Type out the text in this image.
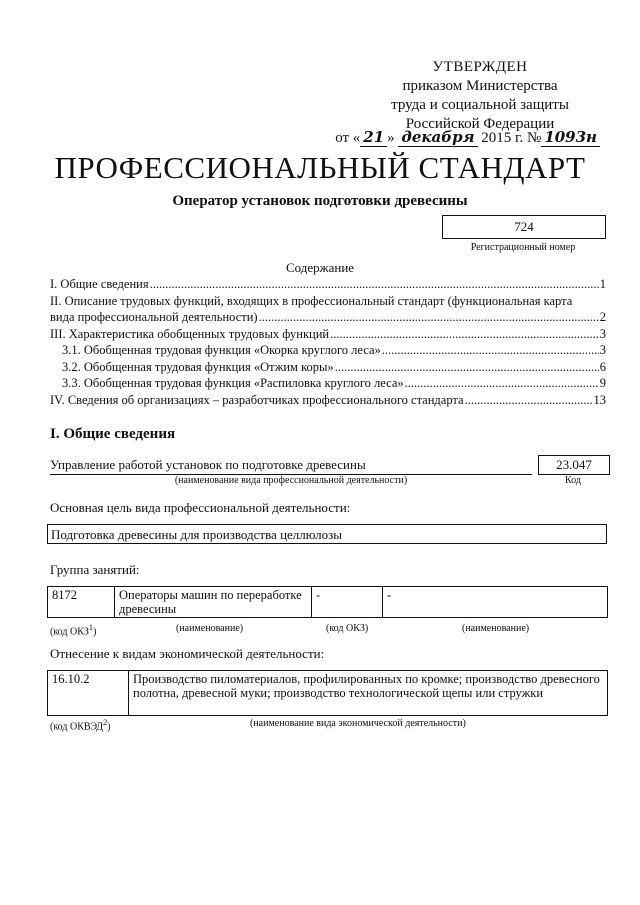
УТВЕРЖДЕН
приказом Министерства
труда и социальной защиты
Российской Федерации
от « 21 » декабря 2015 г. № 1093н
ПРОФЕССИОНАЛЬНЫЙ СТАНДАРТ
Оператор установок подготовки древесины
724
Регистрационный номер
Содержание
I. Общие сведения .....	1
II. Описание трудовых функций, входящих в профессиональный стандарт (функциональная карта
вида профессиональной деятельности) .....	2
III. Характеристика обобщенных трудовых функций .....	3
3.1. Обобщенная трудовая функция «Окорка круглого леса» .....	3
3.2. Обобщенная трудовая функция «Отжим коры» .....	6
3.3. Обобщенная трудовая функция «Распиловка круглого леса» .....	9
IV. Сведения об организациях – разработчиках профессионального стандарта .....	13
I. Общие сведения
Управление работой установок по подготовке древесины
(наименование вида профессиональной деятельности)
23.047
Код
Основная цель вида профессиональной деятельности:
Подготовка древесины для производства целлюлозы
Группа занятий:
8172	Операторы машин по переработке древесины	-	-
(код ОКЗ$^1$)	(наименование)	(код ОКЗ)	(наименование)
Отнесение к видам экономической деятельности:
16.10.2	Производство пиломатериалов, профилированных по кромке; производство древесного полотна, древесной муки; производство технологической щепы или стружки
(код ОКВЭД$^2$)	(наименование вида экономической деятельности)
